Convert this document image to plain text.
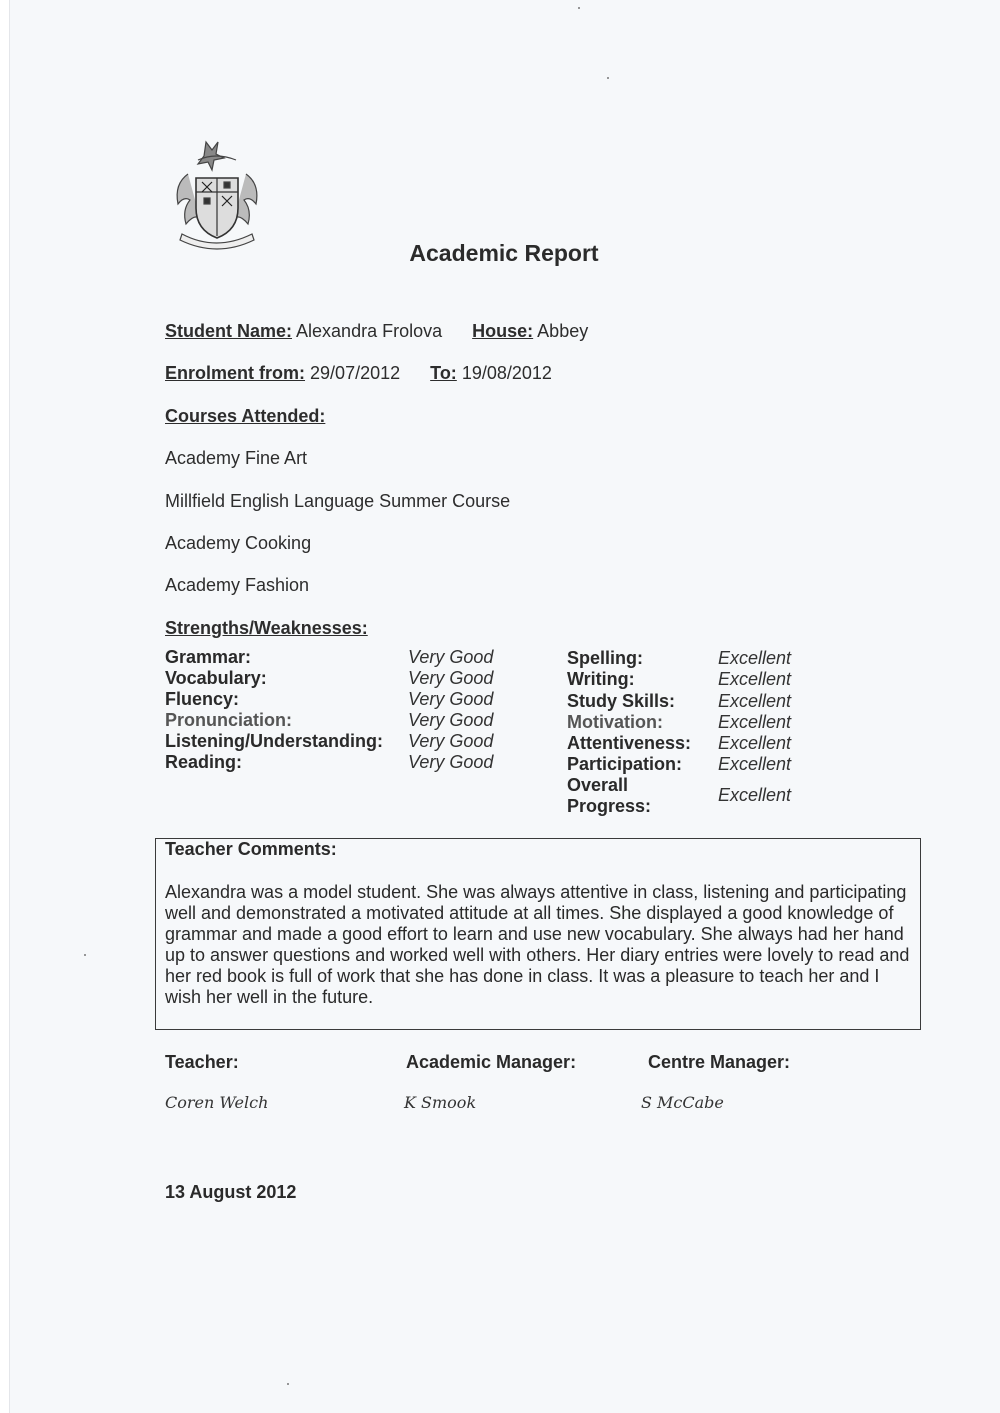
Academic Report
Student Name: Alexandra Frolova House: Abbey
Enrolment from: 29/07/2012 To: 19/08/2012
Courses Attended:
Academy Fine Art
Millfield English Language Summer Course
Academy Cooking
Academy Fashion
Strengths/Weaknesses:
Grammar:	Very Good
Vocabulary:	Very Good
Fluency:	Very Good
Pronunciation:	Very Good
Listening/Understanding: Very Good
Reading:	Very Good
Spelling:	Excellent
Writing:	Excellent
Study Skills: Excellent
Motivation:	Excellent
Attentiveness: Excellent
Participation: Excellent
Overall
Progress:
Excellent
Teacher Comments:
Alexandra was a model student. She was always attentive in class, listening and participating well and demonstrated a motivated attitude at all times. She displayed a good knowledge of grammar and made a good effort to learn and use new vocabulary. She always had her hand up to answer questions and worked well with others. Her diary entries were lovely to read and her red book is full of work that she has done in class. It was a pleasure to teach her and I wish her well in the future.
Teacher:	Academic Manager:	Centre Manager:
Coren Welch	K Smook	S McCabe
13 August 2012
